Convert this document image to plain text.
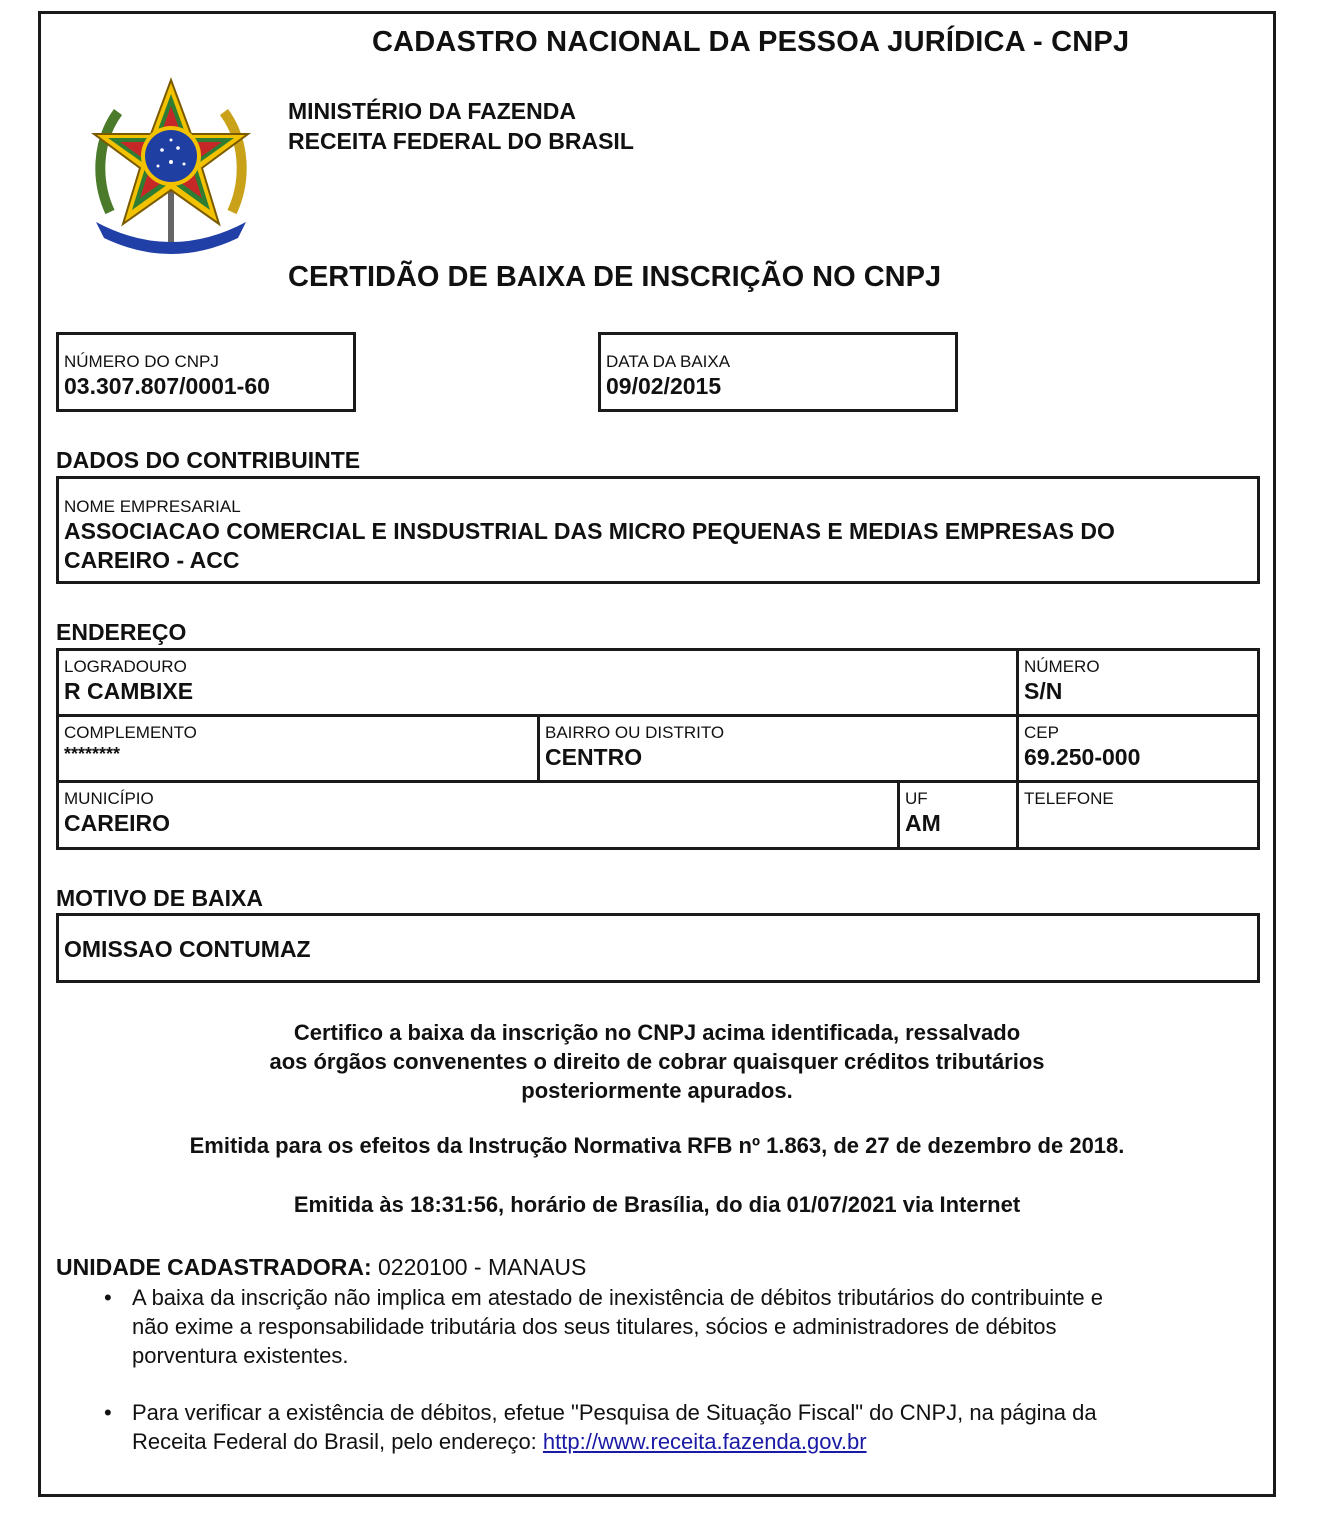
CADASTRO NACIONAL DA PESSOA JURÍDICA - CNPJ
MINISTÉRIO DA FAZENDA
RECEITA FEDERAL DO BRASIL
CERTIDÃO DE BAIXA DE INSCRIÇÃO NO CNPJ
NÚMERO DO CNPJ
03.307.807/0001-60
DATA DA BAIXA
09/02/2015
DADOS DO CONTRIBUINTE
NOME EMPRESARIAL
ASSOCIACAO COMERCIAL E INSDUSTRIAL DAS MICRO PEQUENAS E MEDIAS EMPRESAS DO
CAREIRO - ACC
ENDEREÇO
LOGRADOURO
R CAMBIXE
NÚMERO
S/N
COMPLEMENTO
********
BAIRRO OU DISTRITO
CENTRO
CEP
69.250-000
MUNICÍPIO
CAREIRO
UF
AM
TELEFONE
MOTIVO DE BAIXA
OMISSAO CONTUMAZ
Certifico a baixa da inscrição no CNPJ acima identificada, ressalvado
aos órgãos convenentes o direito de cobrar quaisquer créditos tributários
posteriormente apurados.
Emitida para os efeitos da Instrução Normativa RFB nº 1.863, de 27 de dezembro de 2018.
Emitida às 18:31:56, horário de Brasília, do dia 01/07/2021 via Internet
UNIDADE CADASTRADORA: 0220100 - MANAUS
• A baixa da inscrição não implica em atestado de inexistência de débitos tributários do contribuinte e
não exime a responsabilidade tributária dos seus titulares, sócios e administradores de débitos
porventura existentes.
• Para verificar a existência de débitos, efetue "Pesquisa de Situação Fiscal" do CNPJ, na página da
Receita Federal do Brasil, pelo endereço: http://www.receita.fazenda.gov.br
